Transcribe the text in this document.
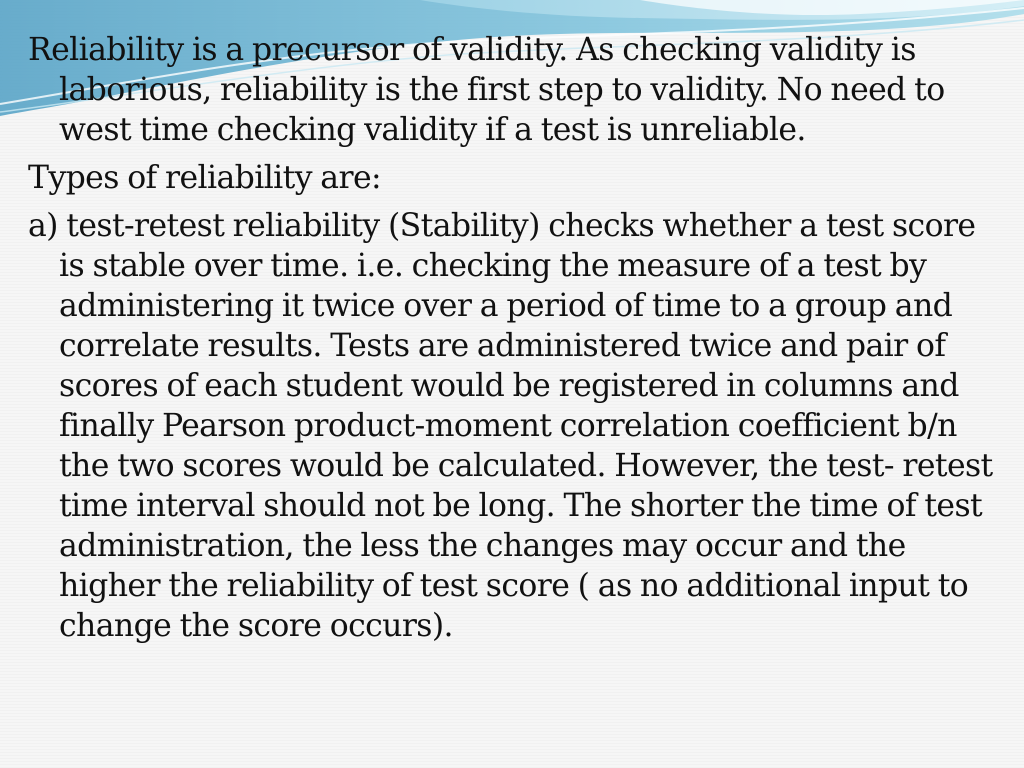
Reliability is a precursor of validity. As checking validity is laborious, reliability is the first step to validity. No need to west time checking validity if a test is unreliable.

Types of reliability are:

a) test-retest reliability (Stability) checks whether a test score is stable over time. i.e. checking the measure of a test by administering it twice over a period of time to a group and correlate results. Tests are administered twice and pair of scores of each student would be registered in columns and finally Pearson product-moment correlation coefficient b/n the two scores would be calculated. However, the test- retest time interval should not be long. The shorter the time of test administration, the less the changes may occur and the higher the reliability of test score ( as no additional input to change the score occurs).
